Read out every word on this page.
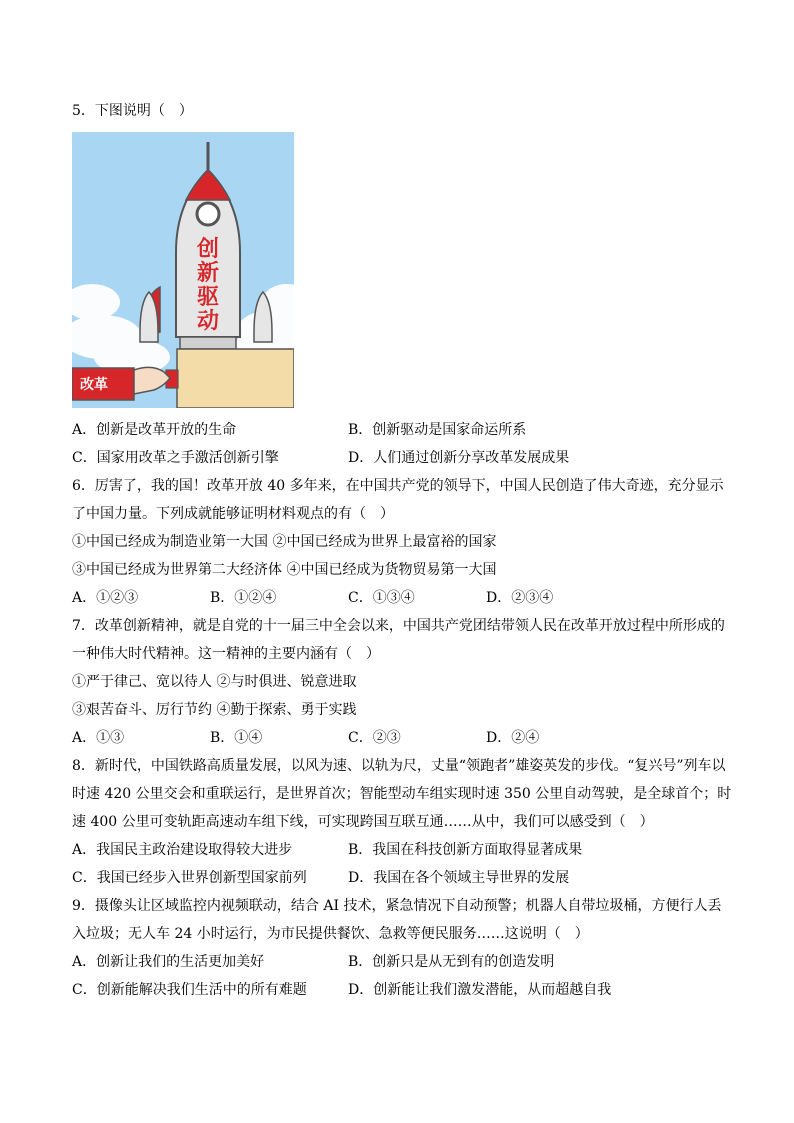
5．下图说明（　）
创
新
驱
动
改革
A．创新是改革开放的生命	B．创新驱动是国家命运所系
C．国家用改革之手激活创新引擎	D．人们通过创新分享改革发展成果
6．厉害了，我的国！改革开放 40 多年来，在中国共产党的领导下，中国人民创造了伟大奇迹，充分显示
了中国力量。下列成就能够证明材料观点的有（　）
①中国已经成为制造业第一大国 ②中国已经成为世界上最富裕的国家
③中国已经成为世界第二大经济体 ④中国已经成为货物贸易第一大国
A．①②③	B．①②④	C．①③④	D．②③④
7．改革创新精神，就是自党的十一届三中全会以来，中国共产党团结带领人民在改革开放过程中所形成的
一种伟大时代精神。这一精神的主要内涵有（　）
①严于律己、宽以待人 ②与时俱进、锐意进取
③艰苦奋斗、厉行节约 ④勤于探索、勇于实践
A．①③	B．①④	C．②③	D．②④
8．新时代，中国铁路高质量发展，以风为速、以轨为尺，丈量“领跑者”雄姿英发的步伐。“复兴号”列车以
时速 420 公里交会和重联运行，是世界首次；智能型动车组实现时速 350 公里自动驾驶，是全球首个；时
速 400 公里可变轨距高速动车组下线，可实现跨国互联互通……从中，我们可以感受到（　）
A．我国民主政治建设取得较大进步	B．我国在科技创新方面取得显著成果
C．我国已经步入世界创新型国家前列	D．我国在各个领域主导世界的发展
9．摄像头让区域监控内视频联动，结合 AI 技术，紧急情况下自动预警；机器人自带垃圾桶，方便行人丢
入垃圾；无人车 24 小时运行，为市民提供餐饮、急救等便民服务……这说明（　）
A．创新让我们的生活更加美好	B．创新只是从无到有的创造发明
C．创新能解决我们生活中的所有难题	D．创新能让我们激发潜能，从而超越自我
